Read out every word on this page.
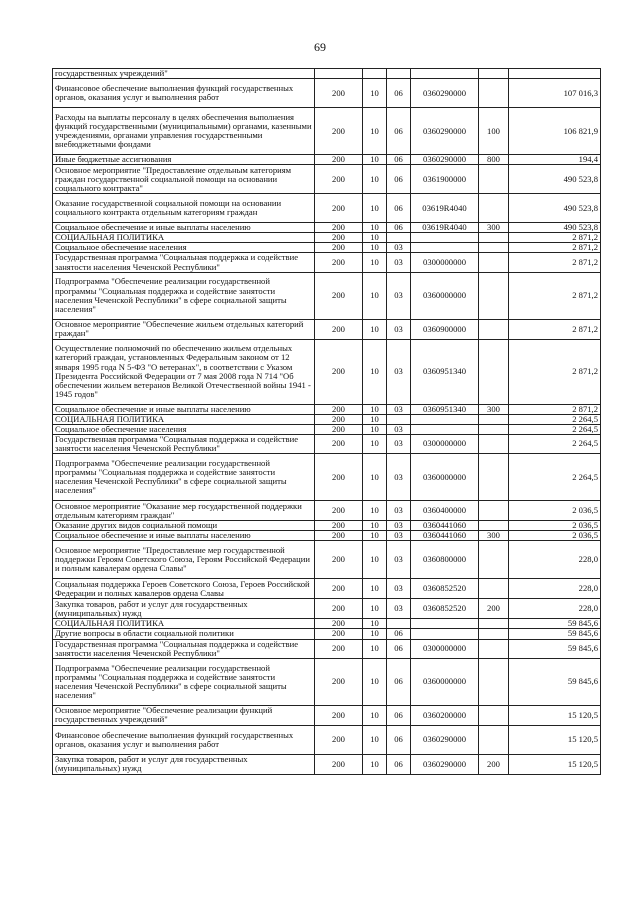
69
государственных учреждений"						
Финансовое обеспечение выполнения функций государственных органов, оказания услуг и выполнения работ	200	10	06	0360290000		107 016,3
Расходы на выплаты персоналу в целях обеспечения выполнения функций государственными (муниципальными) органами, казенными учреждениями, органами управления государственными внебюджетными фондами	200	10	06	0360290000	100	106 821,9
Иные бюджетные ассигнования	200	10	06	0360290000	800	194,4
Основное мероприятие "Предоставление отдельным категориям граждан государственной социальной помощи на основании социального контракта"	200	10	06	0361900000		490 523,8
Оказание государственной социальной помощи на основании социального контракта отдельным категориям граждан	200	10	06	03619R4040		490 523,8
Социальное обеспечение и иные выплаты населению	200	10	06	03619R4040	300	490 523,8
СОЦИАЛЬНАЯ ПОЛИТИКА	200	10				2 871,2
Социальное обеспечение населения	200	10	03			2 871,2
Государственная программа "Социальная поддержка и содействие занятости населения Чеченской Республики"	200	10	03	0300000000		2 871,2
Подпрограмма "Обеспечение реализации государственной программы "Социальная поддержка и содействие занятости населения Чеченской Республики" в сфере социальной защиты населения"	200	10	03	0360000000		2 871,2
Основное мероприятие "Обеспечение жильем отдельных категорий граждан"	200	10	03	0360900000		2 871,2
Осуществление полномочий по обеспечению жильем отдельных категорий граждан, установленных Федеральным законом от 12 января 1995 года N 5-ФЗ "О ветеранах", в соответствии с Указом Президента Российской Федерации от 7 мая 2008 года N 714 "Об обеспечении жильем ветеранов Великой Отечественной войны 1941 - 1945 годов"	200	10	03	0360951340		2 871,2
Социальное обеспечение и иные выплаты населению	200	10	03	0360951340	300	2 871,2
СОЦИАЛЬНАЯ ПОЛИТИКА	200	10				2 264,5
Социальное обеспечение населения	200	10	03			2 264,5
Государственная программа "Социальная поддержка и содействие занятости населения Чеченской Республики"	200	10	03	0300000000		2 264,5
Подпрограмма "Обеспечение реализации государственной программы "Социальная поддержка и содействие занятости населения Чеченской Республики" в сфере социальной защиты населения"	200	10	03	0360000000		2 264,5
Основное мероприятие "Оказание мер государственной поддержки отдельным категориям граждан"	200	10	03	0360400000		2 036,5
Оказание других видов социальной помощи	200	10	03	0360441060		2 036,5
Социальное обеспечение и иные выплаты населению	200	10	03	0360441060	300	2 036,5
Основное мероприятие "Предоставление мер государственной поддержки Героям Советского Союза, Героям Российской Федерации и полным кавалерам ордена Славы"	200	10	03	0360800000		228,0
Социальная поддержка Героев Советского Союза, Героев Российской Федерации и полных кавалеров ордена Славы	200	10	03	0360852520		228,0
Закупка товаров, работ и услуг для государственных (муниципальных) нужд	200	10	03	0360852520	200	228,0
СОЦИАЛЬНАЯ ПОЛИТИКА	200	10				59 845,6
Другие вопросы в области социальной политики	200	10	06			59 845,6
Государственная программа "Социальная поддержка и содействие занятости населения Чеченской Республики"	200	10	06	0300000000		59 845,6
Подпрограмма "Обеспечение реализации государственной программы "Социальная поддержка и содействие занятости населения Чеченской Республики" в сфере социальной защиты населения"	200	10	06	0360000000		59 845,6
Основное мероприятие "Обеспечение реализации функций государственных учреждений"	200	10	06	0360200000		15 120,5
Финансовое обеспечение выполнения функций государственных органов, оказания услуг и выполнения работ	200	10	06	0360290000		15 120,5
Закупка товаров, работ и услуг для государственных (муниципальных) нужд	200	10	06	0360290000	200	15 120,5
